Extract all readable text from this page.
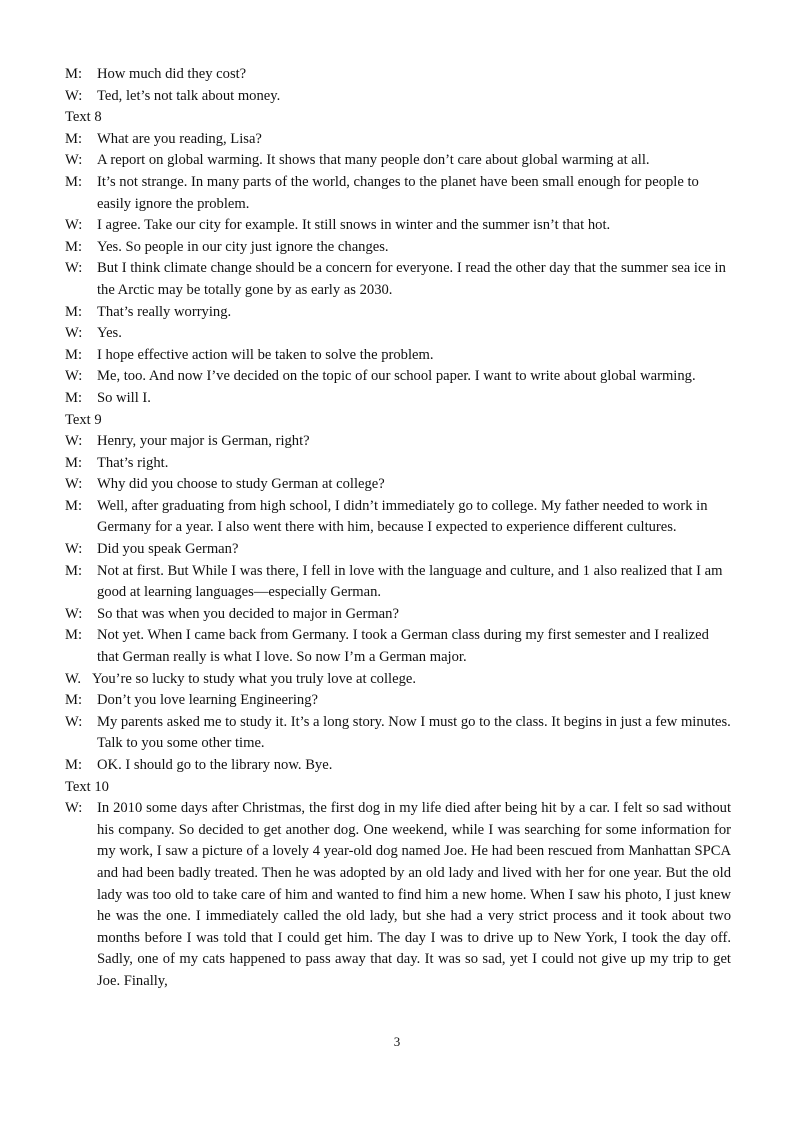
M:	How much did they cost?
W:	Ted, let’s not talk about money.
Text 8
M:	What are you reading, Lisa?
W:	A report on global warming. It shows that many people don’t care about global warming at all.
M:	It’s not strange. In many parts of the world, changes to the planet have been small enough for people to easily ignore the problem.
W:	I agree. Take our city for example. It still snows in winter and the summer isn’t that hot.
M:	Yes. So people in our city just ignore the changes.
W:	But I think climate change should be a concern for everyone. I read the other day that the summer sea ice in the Arctic may be totally gone by as early as 2030.
M:	That’s really worrying.
W:	Yes.
M:	I hope effective action will be taken to solve the problem.
W:	Me, too. And now I’ve decided on the topic of our school paper. I want to write about global warming.
M:	So will I.
Text 9
W:	Henry, your major is German, right?
M:	That’s right.
W:	Why did you choose to study German at college?
M:	Well, after graduating from high school, I didn’t immediately go to college. My father needed to work in Germany for a year. I also went there with him, because I expected to experience different cultures.
W:	Did you speak German?
M:	Not at first. But While I was there, I fell in love with the language and culture, and 1 also realized that I am good at learning languages—especially German.
W:	So that was when you decided to major in German?
M:	Not yet. When I came back from Germany. I took a German class during my first semester and I realized that German really is what I love. So now I’m a German major.
W. You’re so lucky to study what you truly love at college.
M:	Don’t you love learning Engineering?
W:	My parents asked me to study it. It’s a long story. Now I must go to the class. It begins in just a few minutes. Talk to you some other time.
M:	OK. I should go to the library now. Bye.
Text 10
W:	In 2010 some days after Christmas, the first dog in my life died after being hit by a car. I felt so sad without his company. So decided to get another dog. One weekend, while I was searching for some information for my work, I saw a picture of a lovely 4 year-old dog named Joe. He had been rescued from Manhattan SPCA and had been badly treated. Then he was adopted by an old lady and lived with her for one year. But the old lady was too old to take care of him and wanted to find him a new home. When I saw his photo, I just knew he was the one. I immediately called the old lady, but she had a very strict process and it took about two months before I was told that I could get him. The day I was to drive up to New York, I took the day off. Sadly, one of my cats happened to pass away that day. It was so sad, yet I could not give up my trip to get Joe. Finally,
3
